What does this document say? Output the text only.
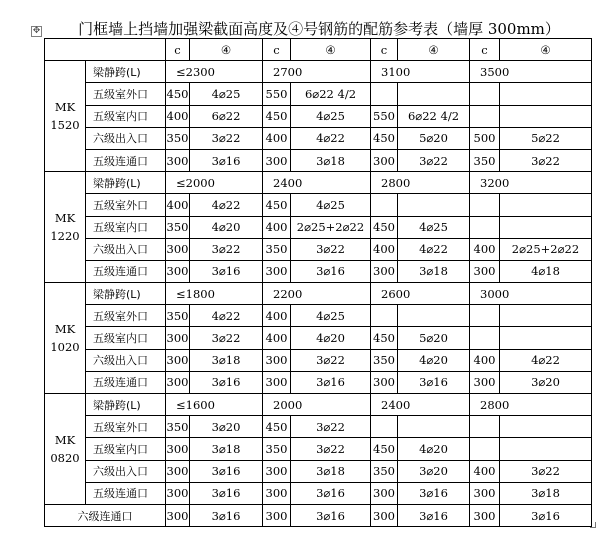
✥	门框墙上挡墙加强梁截面高度及④号钢筋的配筋参考表（墙厚 300mm）
		c	④	c	④	c	④	c	④

MK
1520	梁静跨(L)	≤2300		2700		3100		3500	
	五级室外口	450	4⌀25	550	6⌀22 4/2				
	五级室内口	400	6⌀22	450	4⌀25	550	6⌀22 4/2		
	六级出入口	350	3⌀22	400	4⌀22	450	5⌀20	500	5⌀22
	五级连通口	300	3⌀16	300	3⌀18	300	3⌀22	350	3⌀22

MK
1220	梁静跨(L)	≤2000		2400		2800		3200	
	五级室外口	400	4⌀22	450	4⌀25				
	五级室内口	350	4⌀20	400	2⌀25+2⌀22	450	4⌀25		
	六级出入口	300	3⌀22	350	3⌀22	400	4⌀22	400	2⌀25+2⌀22
	五级连通口	300	3⌀16	300	3⌀16	300	3⌀18	300	4⌀18

MK
1020	梁静跨(L)	≤1800		2200		2600		3000	
	五级室外口	350	4⌀22	400	4⌀25				
	五级室内口	300	3⌀22	400	4⌀20	450	5⌀20		
	六级出入口	300	3⌀18	300	3⌀22	350	4⌀20	400	4⌀22
	五级连通口	300	3⌀16	300	3⌀16	300	3⌀16	300	3⌀20

MK
0820	梁静跨(L)	≤1600		2000		2400		2800	
	五级室外口	350	3⌀20	450	3⌀22				
	五级室内口	300	3⌀18	350	3⌀22	450	4⌀20		
	六级出入口	300	3⌀16	300	3⌀18	350	3⌀20	400	3⌀22
	五级连通口	300	3⌀16	300	3⌀16	300	3⌀16	300	3⌀18
六级连通口		300	3⌀16	300	3⌀16	300	3⌀16	300	3⌀16
